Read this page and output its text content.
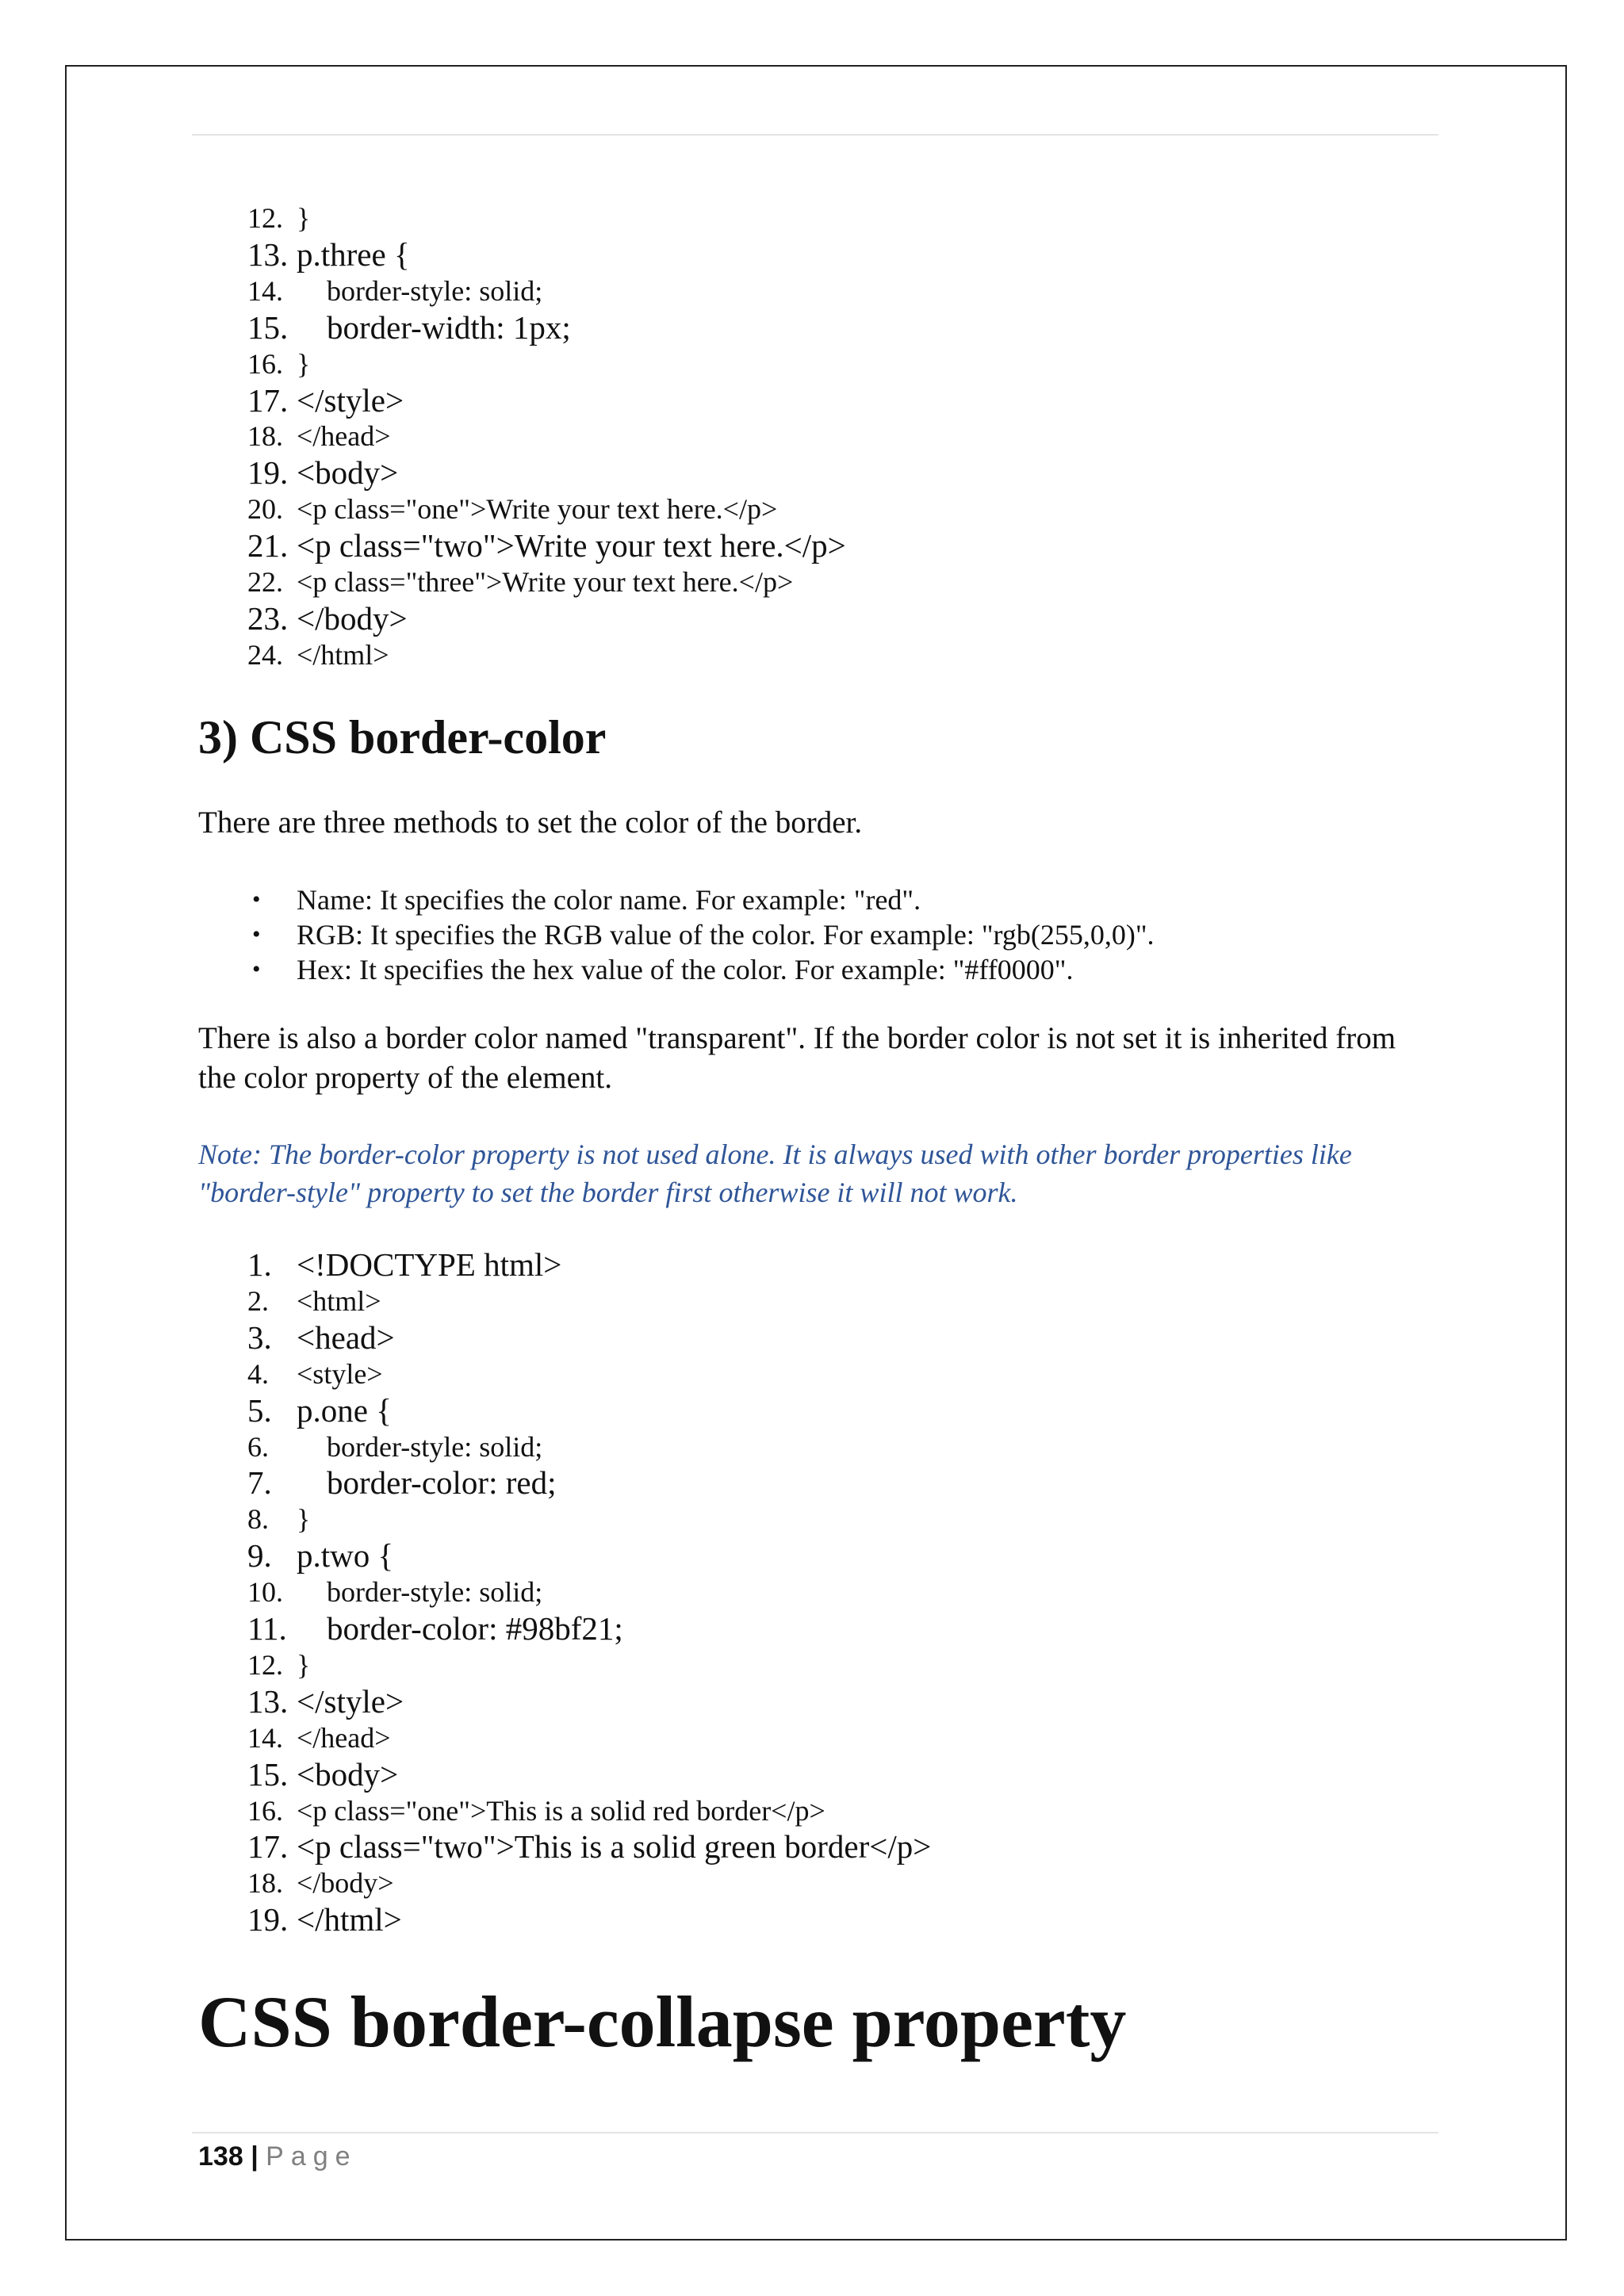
12. }
13. p.three {
14. border-style: solid;
15. border-width: 1px;
16. }
17. </style>
18. </head>
19. <body>
20. <p class="one">Write your text here.</p>
21. <p class="two">Write your text here.</p>
22. <p class="three">Write your text here.</p>
23. </body>
24. </html>
3) CSS border-color

There are three methods to set the color of the border.

• Name: It specifies the color name. For example: "red".
• RGB: It specifies the RGB value of the color. For example: "rgb(255,0,0)".
• Hex: It specifies the hex value of the color. For example: "#ff0000".

There is also a border color named "transparent". If the border color is not set it is inherited from the color property of the element.

Note: The border-color property is not used alone. It is always used with other border properties like "border-style" property to set the border first otherwise it will not work.

1. <!DOCTYPE html>
2. <html>
3. <head>
4. <style>
5. p.one {
6. border-style: solid;
7. border-color: red;
8. }
9. p.two {
10. border-style: solid;
11. border-color: #98bf21;
12. }
13. </style>
14. </head>
15. <body>
16. <p class="one">This is a solid red border</p>
17. <p class="two">This is a solid green border</p>
18. </body>
19. </html>
CSS border-collapse property
138 | Page
